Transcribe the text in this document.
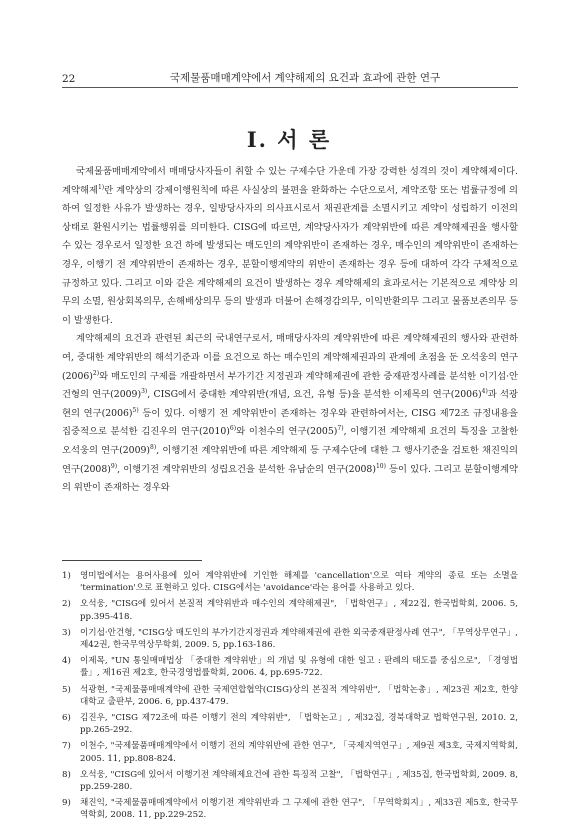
22	국제물품매매계약에서 계약해제의 요건과 효과에 관한 연구
I. 서 론

국제물품매매계약에서 매매당사자들이 취할 수 있는 구제수단 가운데 가장 강력한 성격의 것이 계약해제이다. 계약해제$^{1)}$란 계약상의 강제이행원칙에 따른 사실상의 불편을 완화하는 수단으로서, 계약조항 또는 법률규정에 의하여 일정한 사유가 발생하는 경우, 일방당사자의 의사표시로서 채권관계를 소멸시키고 계약이 성립하기 이전의 상태로 환원시키는 법률행위를 의미한다. CISG에 따르면, 계약당사자가 계약위반에 따른 계약해제권을 행사할 수 있는 경우로서 일정한 요건 하에 발생되는 매도인의 계약위반이 존재하는 경우, 매수인의 계약위반이 존재하는 경우, 이행기 전 계약위반이 존재하는 경우, 분할이행계약의 위반이 존재하는 경우 등에 대하여 각각 구체적으로 규정하고 있다. 그리고 이와 같은 계약해제의 요건이 발생하는 경우 계약해제의 효과로서는 기본적으로 계약상 의무의 소멸, 원상회복의무, 손해배상의무 등의 발생과 더불어 손해경감의무, 이익반환의무 그리고 물품보존의무 등이 발생한다.

계약해제의 요건과 관련된 최근의 국내연구로서, 매매당사자의 계약위반에 따른 계약해제권의 행사와 관련하여, 중대한 계약위반의 해석기준과 이를 요건으로 하는 매수인의 계약해제권과의 관계에 초점을 둔 오석웅의 연구$(2006)^{2)}$와 매도인의 구제를 개괄하면서 부가기간 지정권과 계약해제권에 관한 중재판정사례를 분석한 이기섭·안건형의 연구$(2009)^{3)}$, CISG에서 중대한 계약위반(개념, 요건, 유형 등)을 분석한 이제목의 연구$(2006)^{4)}$과 석광현의 연구$(2006)^{5)}$ 등이 있다. 이행기 전 계약위반이 존재하는 경우와 관련하여서는, CISG 제72조 규정내용을 집중적으로 분석한 김진우의 연구$(2010)^{6)}$와 이천수의 연구$(2005)^{7)}$, 이행기전 계약해제 요건의 특징을 고찰한 오석웅의 연구$(2009)^{8)}$, 이행기전 계약위반에 따른 계약해제 등 구제수단에 대한 그 행사기준을 검토한 채진익의 연구$(2008)^{9)}$, 이행기전 계약위반의 성립요건을 분석한 유남순의 연구$(2008)^{10)}$ 등이 있다. 그리고 분할이행계약의 위반이 존재하는 경우와

1)	영미법에서는 용어사용에 있어 계약위반에 기인한 해제를 'cancellation'으로 여타 계약의 종료 또는 소멸을 'termination'으로 표현하고 있다. CISG에서는 'avoidance'라는 용어를 사용하고 있다.
2)	오석웅, "CISG에 있어서 본질적 계약위반과 매수인의 계약해제권", 「법학연구」, 제22집, 한국법학회, 2006. 5, pp.395-418.
3)	이기섭·안건형, "CISG상 매도인의 부가기간지정권과 계약해제권에 관한 외국중재판정사례 연구", 「무역상무연구」, 제42권, 한국무역상무학회, 2009. 5, pp.163-186.
4)	이제목, "UN 통일매매법상 「중대한 계약위반」의 개념 및 유형에 대한 일고 : 판례의 태도를 중심으로", 「경영법률」, 제16권 제2호, 한국경영법률학회, 2006. 4, pp.695-722.
5)	석광현, "국제물품매매계약에 관한 국제연합협약(CISG)상의 본질적 계약위반", 「법학논총」, 제23권 제2호, 한양대학교 출판부, 2006. 6, pp.437-479.
6)	김진우, "CISG 제72조에 따른 이행기 전의 계약위반", 「법학논고」, 제32집, 경북대학교 법학연구원, 2010. 2, pp.265-292.
7)	이천수, "국제물품매매계약에서 이행기 전의 계약위반에 관한 연구", 「국제지역연구」, 제9권 제3호, 국제지역학회, 2005. 11, pp.808-824.
8)	오석웅, "CISG에 있어서 이행기전 계약해제요건에 관한 특징적 고찰", 「법학연구」, 제35집, 한국법학회, 2009. 8, pp.259-280.
9)	채진익, "국제물품매매계약에서 이행기전 계약위반과 그 구제에 관한 연구", 「무역학회지」, 제33권 제5호, 한국무역학회, 2008. 11, pp.229-252.
